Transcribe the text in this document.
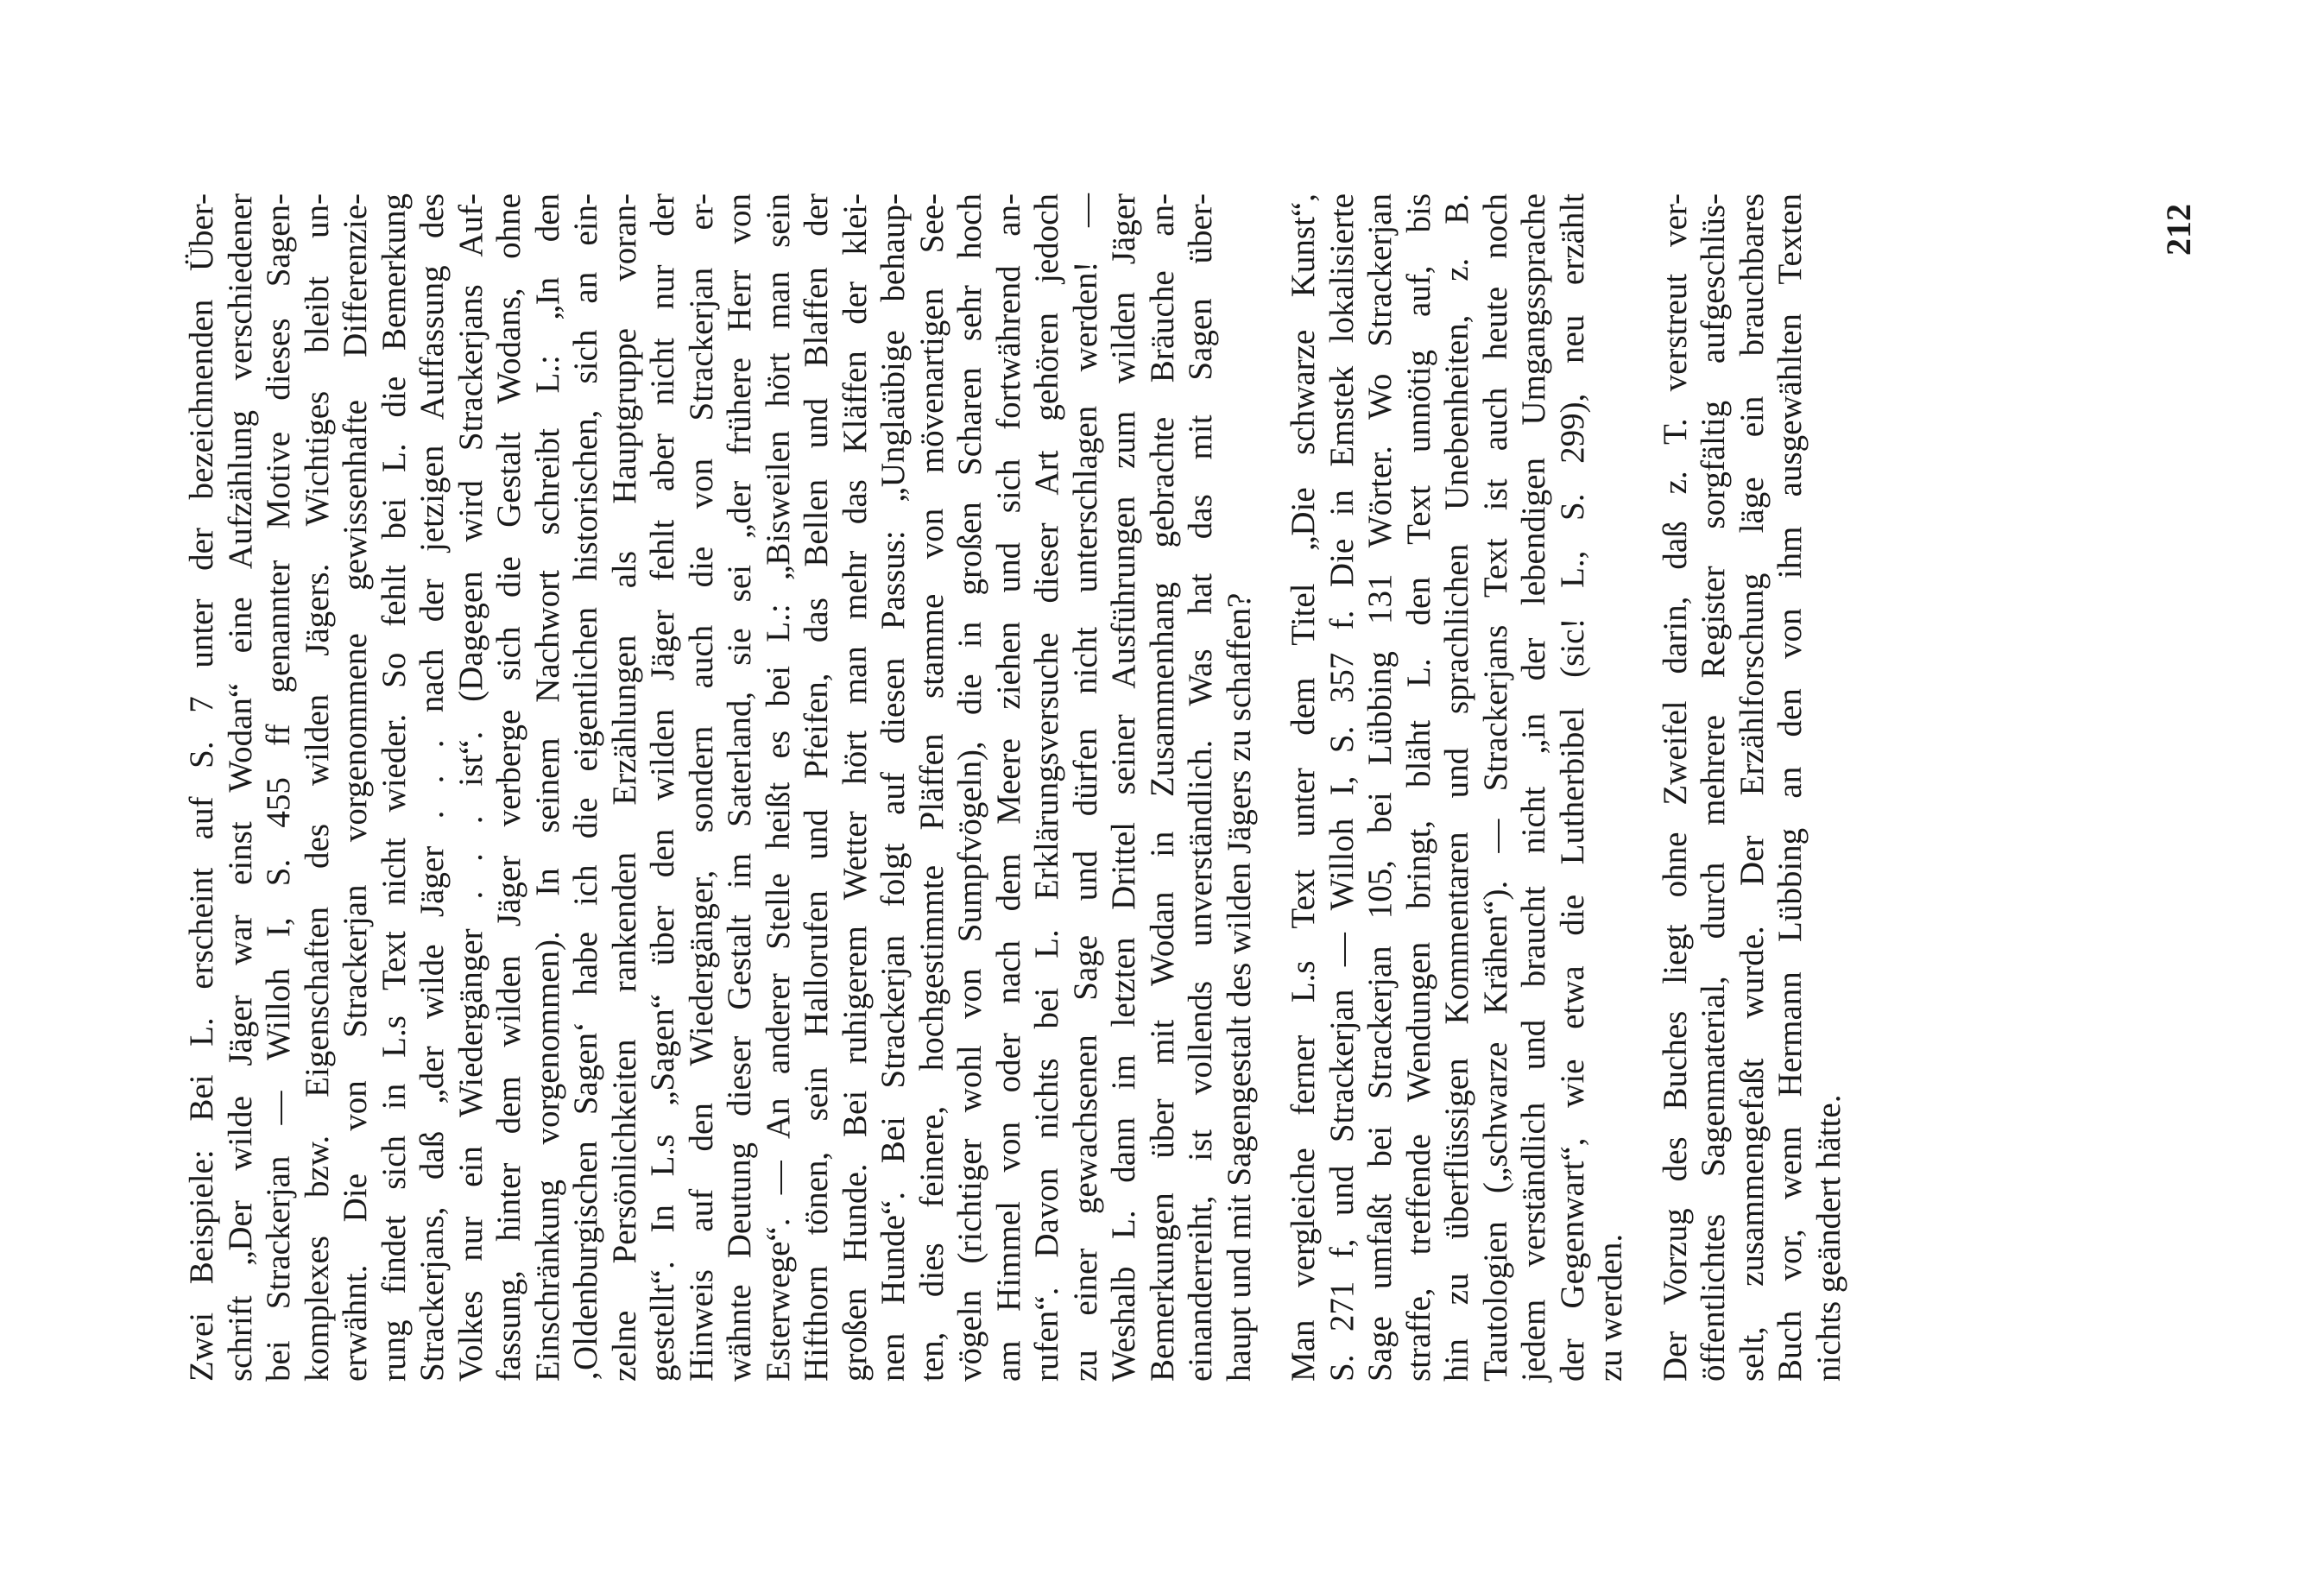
Zwei Beispiele: Bei L. erscheint auf S. 7 unter der bezeichnenden Über- schrift „Der wilde Jäger war einst Wodan“ eine Aufzählung verschiedener bei Strackerjan — Willoh I, S. 455 ff genannter Motive dieses Sagen- komplexes bzw. Eigenschaften des wilden Jägers. Wichtiges bleibt un- erwähnt. Die von Strackerjan vorgenommene gewissenhafte Differenzie- rung findet sich in L.s Text nicht wieder. So fehlt bei L. die Bemerkung Strackerjans, daß „der wilde Jäger . . . nach der jetzigen Auffassung des Volkes nur ein Wiedergänger . . . ist“. (Dagegen wird Strackerjans Auf- fassung, hinter dem wilden Jäger verberge sich die Gestalt Wodans, ohne Einschränkung vorgenommen). In seinem Nachwort schreibt L.: „In den ‚Oldenburgischen Sagen‘ habe ich die eigentlichen historischen, sich an ein- zelne Persönlichkeiten rankenden Erzählungen als Hauptgruppe voran- gestellt“. In L.s „Sagen“ über den wilden Jäger fehlt aber nicht nur der Hinweis auf den Wiedergänger, sondern auch die von Strackerjan er- wähnte Deutung dieser Gestalt im Saterland, sie sei „der frühere Herr von Esterwege“. — An anderer Stelle heißt es bei L.: „Bisweilen hört man sein Hifthorn tönen, sein Hallorufen und Pfeifen, das Bellen und Blaffen der großen Hunde. Bei ruhigerem Wetter hört man mehr das Kläffen der klei- nen Hunde“. Bei Strackerjan folgt auf diesen Passus: „Unglaübige behaup- ten, dies feinere, hochgestimmte Pläffen stamme von mövenartigen See- vögeln (richtiger wohl von Sumpfvögeln), die in großen Scharen sehr hoch am Himmel von oder nach dem Meere ziehen und sich fortwährend an- rufen“. Davon nichts bei L. Erklärungsversuche dieser Art gehören jedoch zu einer gewachsenen Sage und dürfen nicht unterschlagen werden! — Weshalb L. dann im letzten Drittel seiner Ausführungen zum wilden Jäger Bemerkungen über mit Wodan in Zusammenhang gebrachte Bräuche an- einanderreiht, ist vollends unverständlich. Was hat das mit Sagen über- haupt und mit Sagengestalt des wilden Jägers zu schaffen? Man vergleiche ferner L.s Text unter dem Titel „Die schwarze Kunst“, S. 271 f, und Strackerjan — Willoh I, S. 357 f. Die in Emstek lokalisierte Sage umfaßt bei Strackerjan 105, bei Lübbing 131 Wörter. Wo Strackerjan straffe, treffende Wendungen bringt, bläht L. den Text unnötig auf, bis hin zu überflüssigen Kommentaren und sprachlichen Unebenheiten, z. B. Tautologien („schwarze Krähen“). — Strackerjans Text ist auch heute noch jedem verständlich und braucht nicht „in der lebendigen Umgangssprache der Gegenwart“, wie etwa die Lutherbibel (sic! L., S. 299), neu erzählt zu werden. Der Vorzug des Buches liegt ohne Zweifel darin, daß z. T. verstreut ver- öffentlichtes Sagenmaterial, durch mehrere Register sorgfältig aufgeschlüs- selt, zusammengefaßt wurde. Der Erzählforschung läge ein brauchbares Buch vor, wenn Hermann Lübbing an den von ihm ausgewählten Texten nichts geändert hätte.
212
